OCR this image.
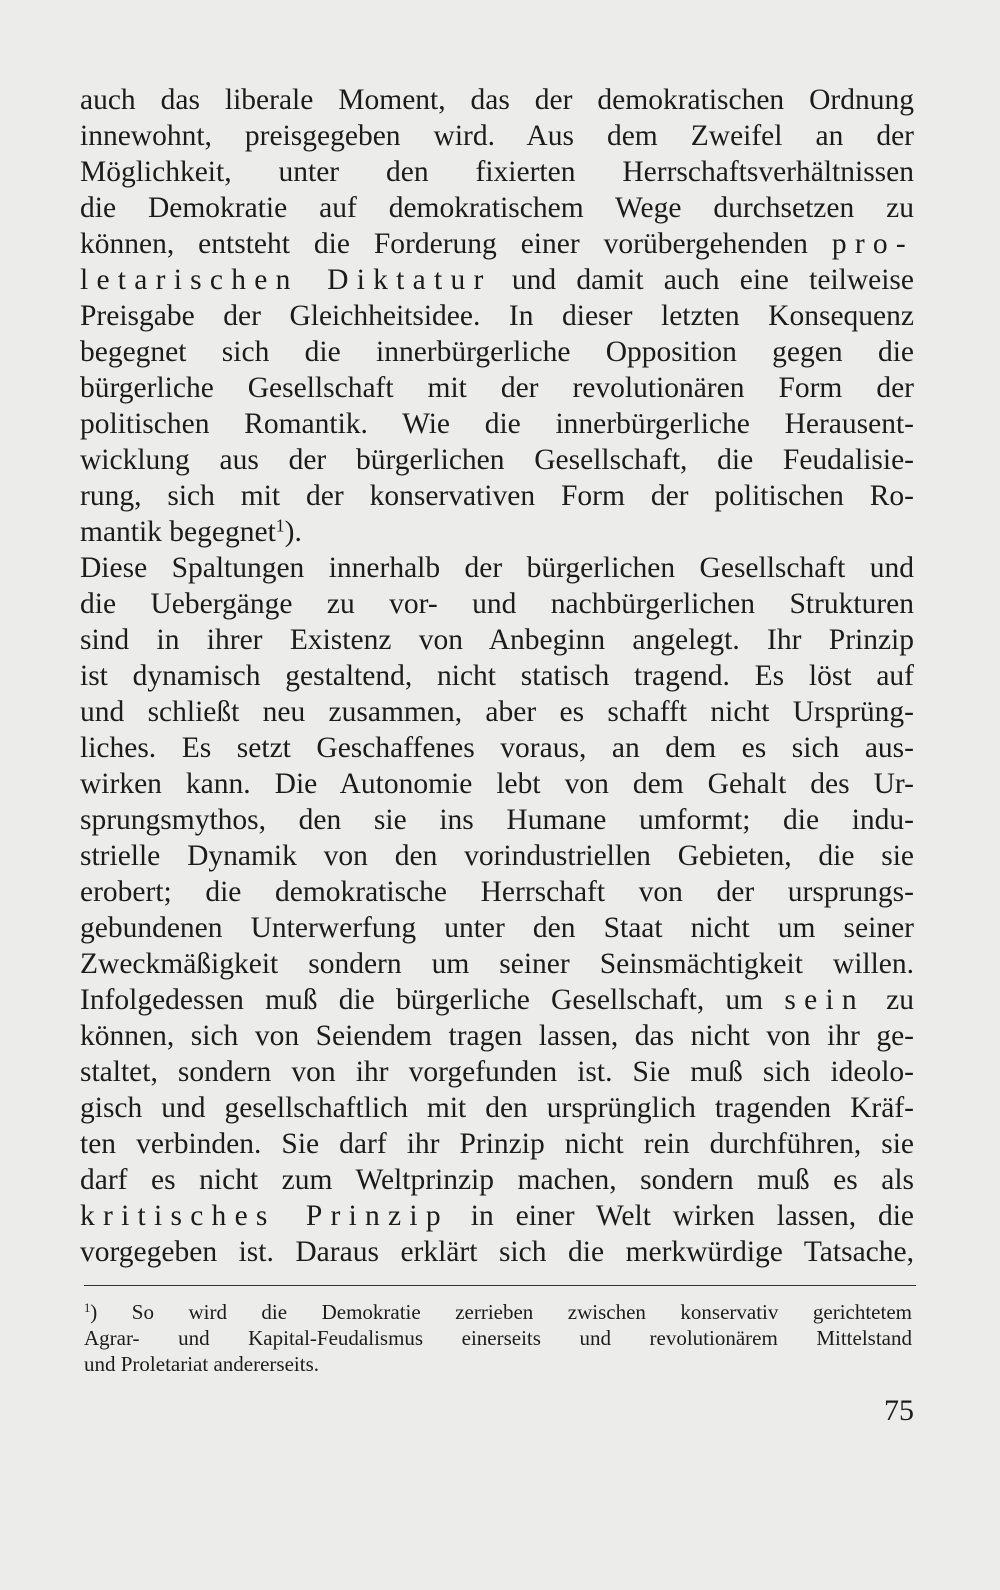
auch das liberale Moment, das der demokratischen Ordnung
innewohnt, preisgegeben wird. Aus dem Zweifel an der
Möglichkeit, unter den fixierten Herrschaftsverhältnissen
die Demokratie auf demokratischem Wege durchsetzen zu
können, entsteht die Forderung einer vorübergehenden pro-
letarischen Diktatur und damit auch eine teilweise
Preisgabe der Gleichheitsidee. In dieser letzten Konsequenz
begegnet sich die innerbürgerliche Opposition gegen die
bürgerliche Gesellschaft mit der revolutionären Form der
politischen Romantik. Wie die innerbürgerliche Herausent-
wicklung aus der bürgerlichen Gesellschaft, die Feudalisie-
rung, sich mit der konservativen Form der politischen Ro-
mantik begegnet$^1$).
Diese Spaltungen innerhalb der bürgerlichen Gesellschaft und
die Uebergänge zu vor- und nachbürgerlichen Strukturen
sind in ihrer Existenz von Anbeginn angelegt. Ihr Prinzip
ist dynamisch gestaltend, nicht statisch tragend. Es löst auf
und schließt neu zusammen, aber es schafft nicht Ursprüng-
liches. Es setzt Geschaffenes voraus, an dem es sich aus-
wirken kann. Die Autonomie lebt von dem Gehalt des Ur-
sprungsmythos, den sie ins Humane umformt; die indu-
strielle Dynamik von den vorindustriellen Gebieten, die sie
erobert; die demokratische Herrschaft von der ursprungs-
gebundenen Unterwerfung unter den Staat nicht um seiner
Zweckmäßigkeit sondern um seiner Seinsmächtigkeit willen.
Infolgedessen muß die bürgerliche Gesellschaft, um sein zu
können, sich von Seiendem tragen lassen, das nicht von ihr ge-
staltet, sondern von ihr vorgefunden ist. Sie muß sich ideolo-
gisch und gesellschaftlich mit den ursprünglich tragenden Kräf-
ten verbinden. Sie darf ihr Prinzip nicht rein durchführen, sie
darf es nicht zum Weltprinzip machen, sondern muß es als
kritisches Prinzip in einer Welt wirken lassen, die
vorgegeben ist. Daraus erklärt sich die merkwürdige Tatsache,
$^1$) So wird die Demokratie zerrieben zwischen konservativ gerichtetem
Agrar- und Kapital-Feudalismus einerseits und revolutionärem Mittelstand
und Proletariat andererseits.
75
